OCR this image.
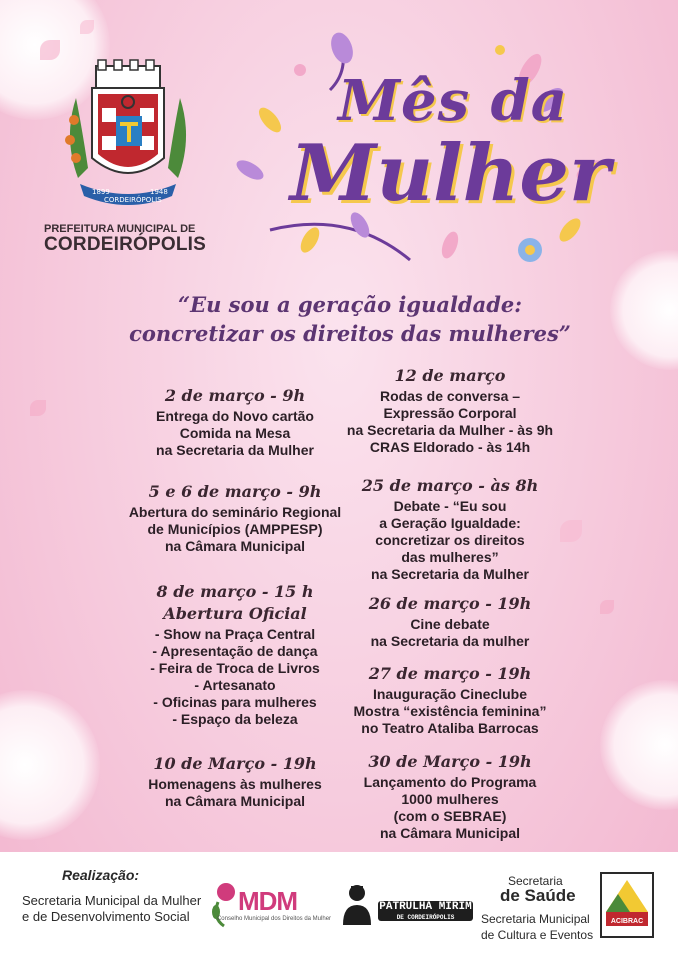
1899	1948
CORDEIRÓPOLIS
PREFEITURA MUNICIPAL DE
CORDEIRÓPOLIS
Mês da
Mulher
“Eu sou a geração igualdade:
concretizar os direitos das mulheres”
2 de março - 9h
Entrega do Novo cartão
Comida na Mesa
na Secretaria da Mulher
5 e 6 de março - 9h
Abertura do seminário Regional
de Municípios (AMPPESP)
na Câmara Municipal
8 de março - 15 h
Abertura Oficial
- Show na Praça Central
- Apresentação de dança
- Feira de Troca de Livros
- Artesanato
- Oficinas para mulheres
- Espaço da beleza
10 de Março - 19h
Homenagens às mulheres
na Câmara Municipal
12 de março
Rodas de conversa –
Expressão Corporal
na Secretaria da Mulher - às 9h
CRAS Eldorado - às 14h
25 de março - às 8h
Debate - “Eu sou
a Geração Igualdade:
concretizar os direitos
das mulheres”
na Secretaria da Mulher
26 de março - 19h
Cine debate
na Secretaria da mulher
27 de março - 19h
Inauguração Cineclube
Mostra “existência feminina”
no Teatro Ataliba Barrocas
30 de Março - 19h
Lançamento do Programa
1000 mulheres
(com o SEBRAE)
na Câmara Municipal
Realização:
Secretaria Municipal da Mulher
e de Desenvolvimento Social
MDM
Conselho Municipal dos Direitos da Mulher
PATRULHA MIRIM
DE CORDEIRÓPOLIS
Secretaria
de Saúde
Secretaria Municipal
de Cultura e Eventos
ACIBRAC
